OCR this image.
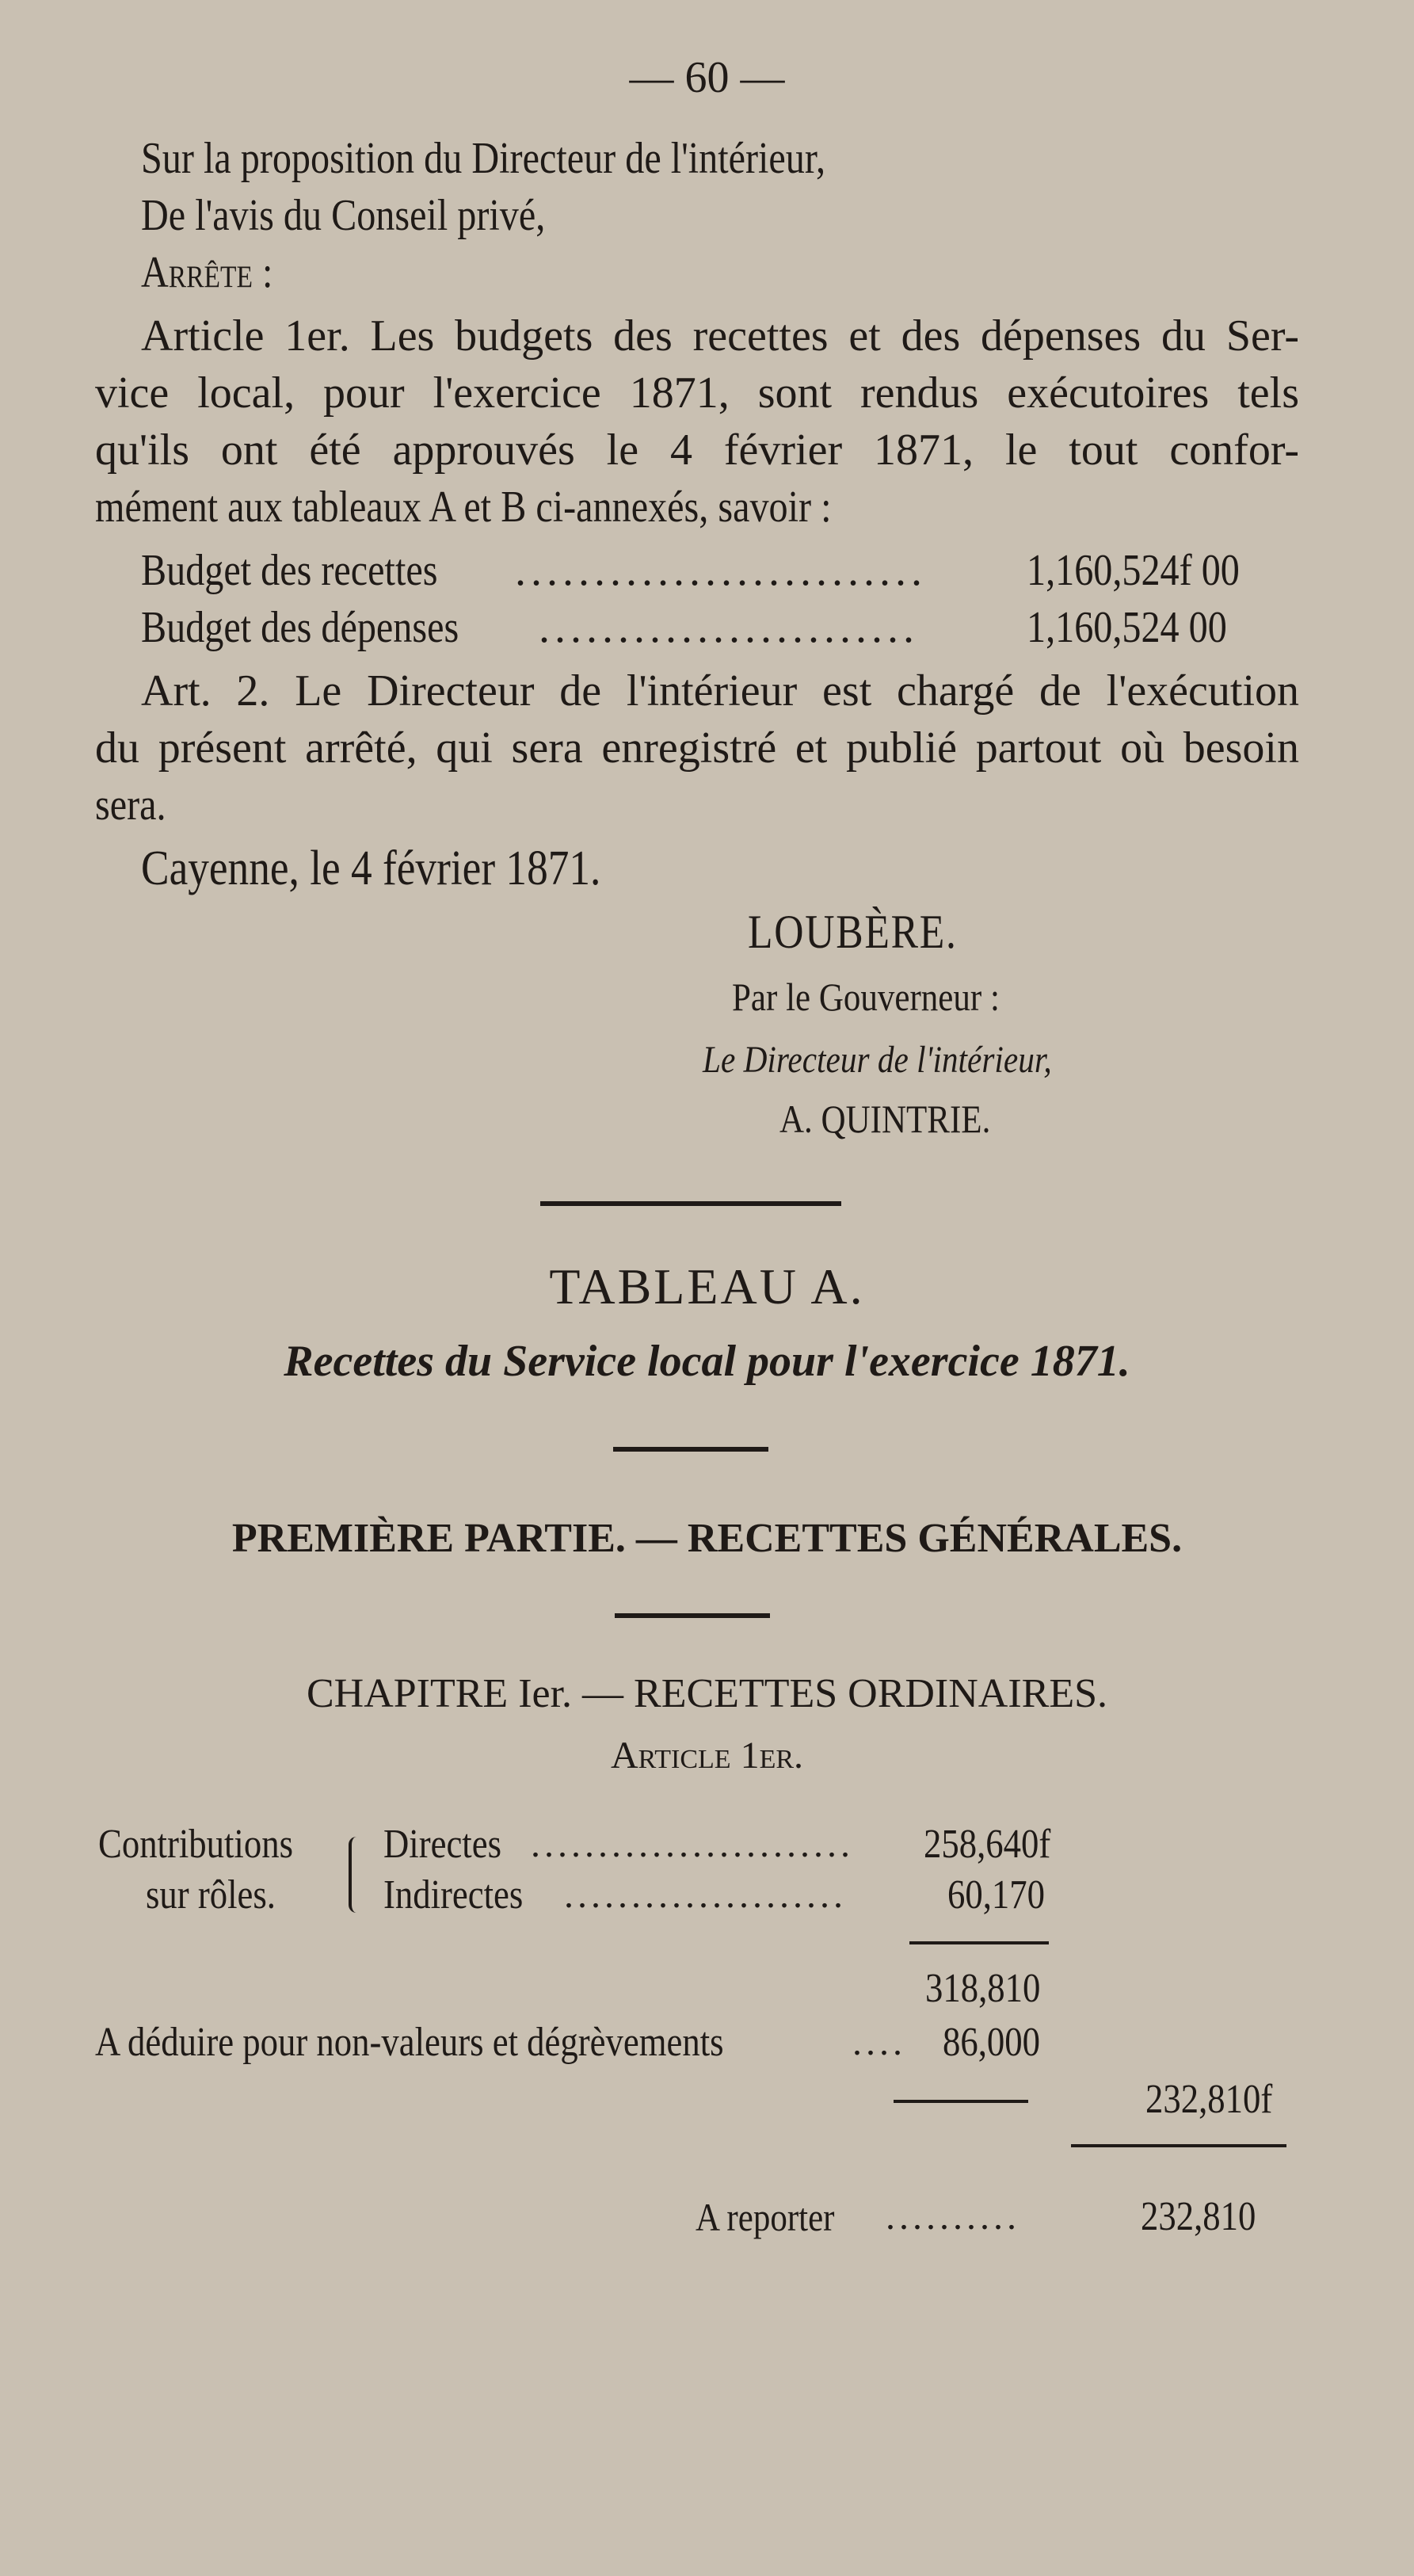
— 60 —
Sur la proposition du Directeur de l'intérieur,
De l'avis du Conseil privé,
Arrête :
Article 1er. Les budgets des recettes et des dépenses du Ser-
vice local, pour l'exercice 1871, sont rendus exécutoires tels
qu'ils ont été approuvés le 4 février 1871, le tout confor-
mément aux tableaux A et B ci-annexés, savoir :
Budget des recettes	.......................... 1,160,524f 00
Budget des dépenses	........................ 1,160,524 00
Art. 2. Le Directeur de l'intérieur est chargé de l'exécution
du présent arrêté, qui sera enregistré et publié partout où besoin
sera.
Cayenne, le 4 février 1871.
LOUBÈRE.
Par le Gouverneur :
Le Directeur de l'intérieur,
A. QUINTRIE.
TABLEAU A.
Recettes du Service local pour l'exercice 1871.
PREMIÈRE PARTIE. — RECETTES GÉNÉRALES.
CHAPITRE Ier. — RECETTES ORDINAIRES.
Article 1er.
Contributions
sur rôles.
Directes ........................ 258,640f
Indirectes	..................... 60,170
318,810
A déduire pour non-valeurs et dégrèvements	.... 86,000
232,810f
A reporter	..........	232,810
